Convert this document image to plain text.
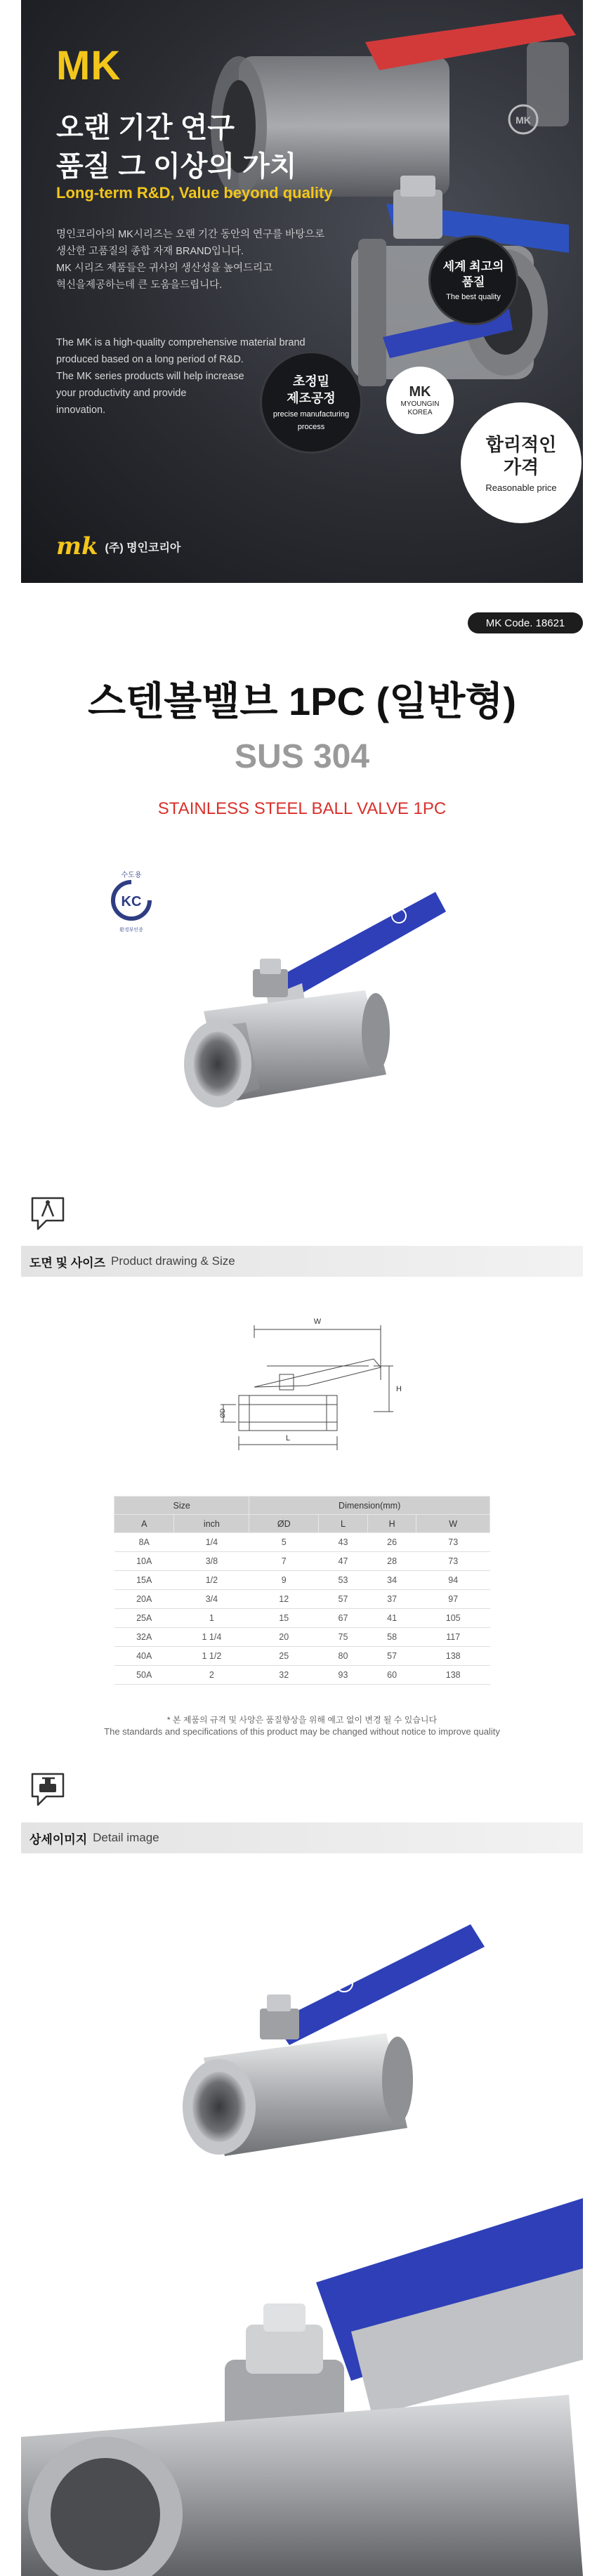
MK
MK
오랜 기간 연구
품질 그 이상의 가치
Long-term R&D, Value beyond quality
명인코리아의 MK시리즈는 오랜 기간 동안의 연구를 바탕으로
생산한 고품질의 종합 자재 BRAND입니다.
MK 시리즈 제품들은 귀사의 생산성을 높여드리고
혁신을제공하는데 큰 도움을드립니다.
The MK is a high-quality comprehensive material brand
produced based on a long period of R&D.
The MK series products will help increase
your productivity and provide
innovation.
세계 최고의
품질
The best quality
초정밀
제조공정
precise manufacturing
process
MK
MYOUNGIN
KOREA
합리적인
가격
Reasonable price
mk (주) 명인코리아
MK Code. 18621
스텐볼밸브 1PC (일반형)
SUS 304
STAINLESS STEEL BALL VALVE 1PC
수도용
KC
환경부인증
도면 및 사이즈 Product drawing & Size
W
H
L
ØD
Size		Dimension(mm)			
A	inch	ØD	L	H	W
8A	1/4	5	43	26	73
10A	3/8	7	47	28	73
15A	1/2	9	53	34	94
20A	3/4	12	57	37	97
25A	1	15	67	41	105
32A	1 1/4	20	75	58	117
40A	1 1/2	25	80	57	138
50A	2	32	93	60	138
* 본 제품의 규격 및 사양은 품질향상을 위해 예고 없이 변경 될 수 있습니다
The standards and specifications of this product may be changed without notice to improve quality
상세이미지 Detail image
